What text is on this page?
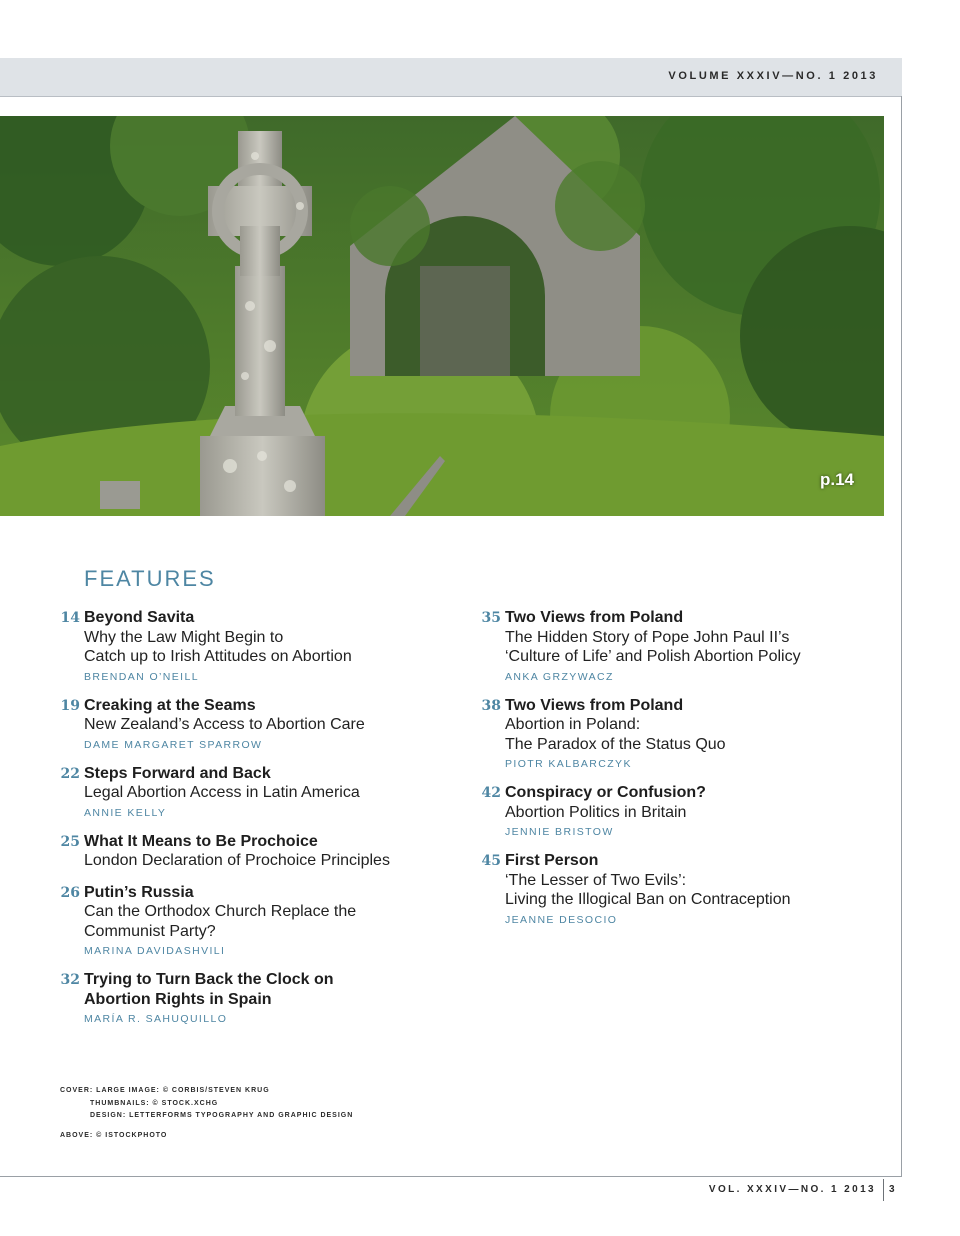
VOLUME XXXIV—NO. 1 2013
p.14
FEATURES
14 Beyond Savita
Why the Law Might Begin to
Catch up to Irish Attitudes on Abortion
BRENDAN O’NEILL
19 Creaking at the Seams
New Zealand’s Access to Abortion Care
DAME MARGARET SPARROW
22 Steps Forward and Back
Legal Abortion Access in Latin America
ANNIE KELLY
25 What It Means to Be Prochoice
London Declaration of Prochoice Principles
26 Putin’s Russia
Can the Orthodox Church Replace the
Communist Party?
MARINA DAVIDASHVILI
32 Trying to Turn Back the Clock on
Abortion Rights in Spain
MARÍA R. SAHUQUILLO
35 Two Views from Poland
The Hidden Story of Pope John Paul II’s
‘Culture of Life’ and Polish Abortion Policy
ANKA GRZYWACZ
38 Two Views from Poland
Abortion in Poland:
The Paradox of the Status Quo
PIOTR KALBARCZYK
42 Conspiracy or Confusion?
Abortion Politics in Britain
JENNIE BRISTOW
45 First Person
‘The Lesser of Two Evils’:
Living the Illogical Ban on Contraception
JEANNE DESOCIO
COVER: LARGE IMAGE: © CORBIS/STEVEN KRUG
THUMBNAILS: © STOCK.XCHG
DESIGN: LETTERFORMS TYPOGRAPHY AND GRAPHIC DESIGN
ABOVE: © ISTOCKPHOTO
VOL. XXXIV—NO. 1 2013 3
